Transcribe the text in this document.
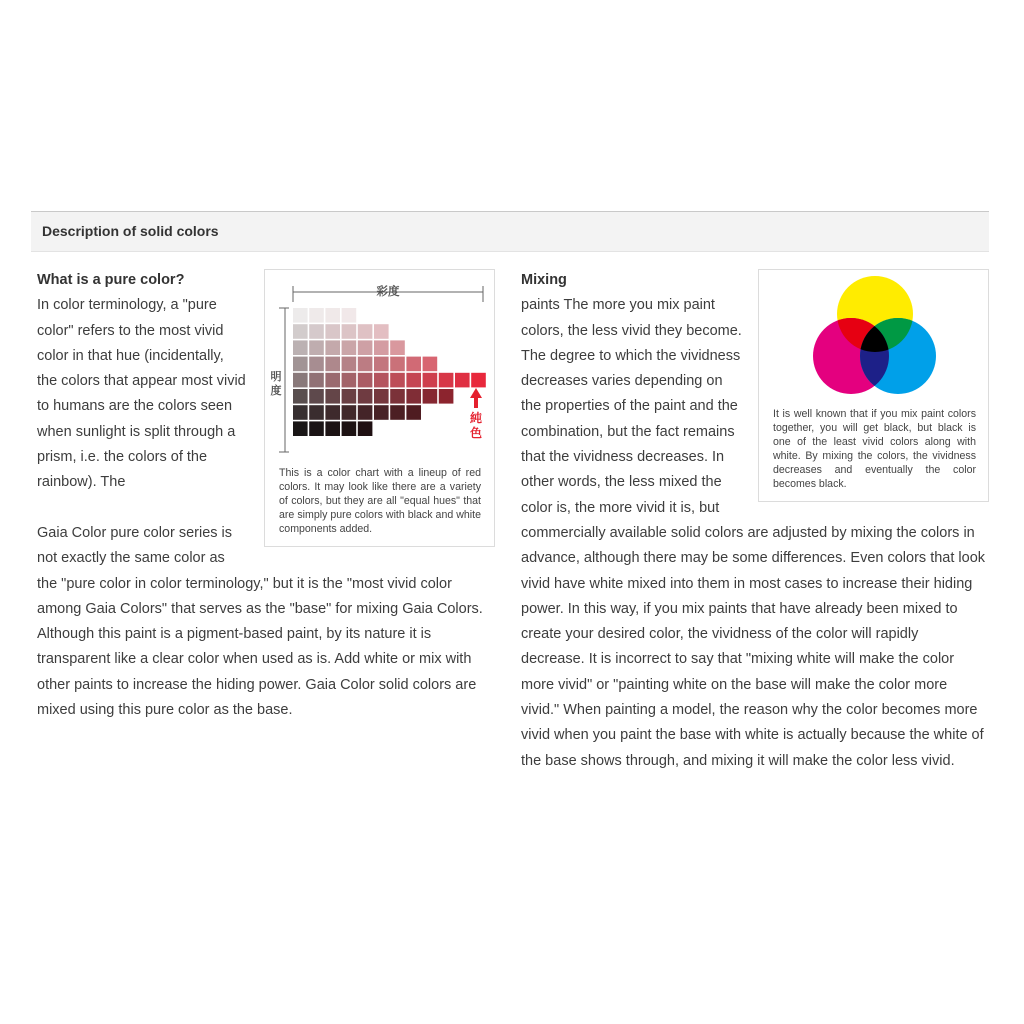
Description of solid colors
彩度
明
度
純
色
This is a color chart with a lineup of red colors. It may look like there are a variety of colors, but they are all "equal hues" that are simply pure colors with black and white components added.
What is a pure color?

In color terminology, a "pure color" refers to the most vivid color in that hue (incidentally, the colors that appear most vivid to humans are the colors seen when sunlight is split through a prism, i.e. the colors of the rainbow). The

Gaia Color pure color series is not exactly the same color as the "pure color in color terminology," but it is the "most vivid color among Gaia Colors" that serves as the "base" for mixing Gaia Colors. Although this paint is a pigment-based paint, by its nature it is transparent like a clear color when used as is. Add white or mix with other paints to increase the hiding power. Gaia Color solid colors are mixed using this pure color as the base.

It is well known that if you mix paint colors together, you will get black, but black is one of the least vivid colors along with white. By mixing the colors, the vividness decreases and eventually the color becomes black.
Mixing

paints The more you mix paint colors, the less vivid they become. The degree to which the vividness decreases varies depending on the properties of the paint and the combination, but the fact remains that the vividness decreases. In other words, the less mixed the color is, the more vivid it is, but commercially available solid colors are adjusted by mixing the colors in advance, although there may be some differences. Even colors that look vivid have white mixed into them in most cases to increase their hiding power. In this way, if you mix paints that have already been mixed to create your desired color, the vividness of the color will rapidly decrease. It is incorrect to say that "mixing white will make the color more vivid" or "painting white on the base will make the color more vivid." When painting a model, the reason why the color becomes more vivid when you paint the base with white is actually because the white of the base shows through, and mixing it will make the color less vivid.
